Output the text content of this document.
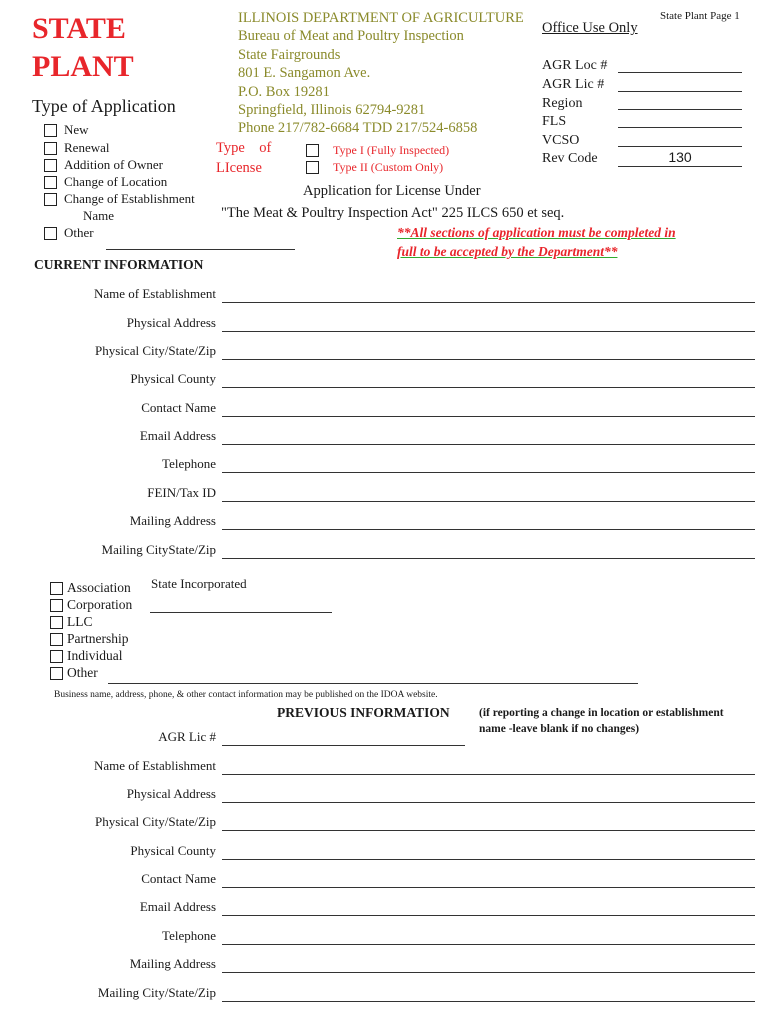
STATE
PLANT
ILLINOIS DEPARTMENT OF AGRICULTURE
Bureau of Meat and Poultry Inspection
State Fairgrounds
801 E. Sangamon Ave.
P.O. Box 19281
Springfield, Illinois 62794-9281
Phone 217/782-6684 TDD 217/524-6858
State Plant Page 1
Office Use Only
AGR Loc #
AGR Lic #
Region
FLS
VCSO
Rev Code	130
Type of Application
New
Renewal
Addition of Owner
Change of Location
Change of Establishment
Name
Other
Type    of
LIcense
Type I (Fully Inspected)
Type II (Custom Only)
Application for License Under
"The Meat & Poultry Inspection Act" 225 ILCS 650 et seq.
**All sections of application must be completed in
full to be accepted by the Department**
CURRENT INFORMATION
Name of Establishment
Physical Address
Physical City/State/Zip
Physical County
Contact Name
Email Address
Telephone
FEIN/Tax ID
Mailing Address
Mailing CityState/Zip
Association
Corporation
LLC
Partnership
Individual
Other
State Incorporated
Business name, address, phone, & other contact information may be published on the IDOA website.
PREVIOUS INFORMATION	(if reporting a change in location or establishment
name -leave blank if no changes)
AGR Lic #
Name of Establishment
Physical Address
Physical City/State/Zip
Physical County
Contact Name
Email Address
Telephone
Mailing Address
Mailing City/State/Zip
